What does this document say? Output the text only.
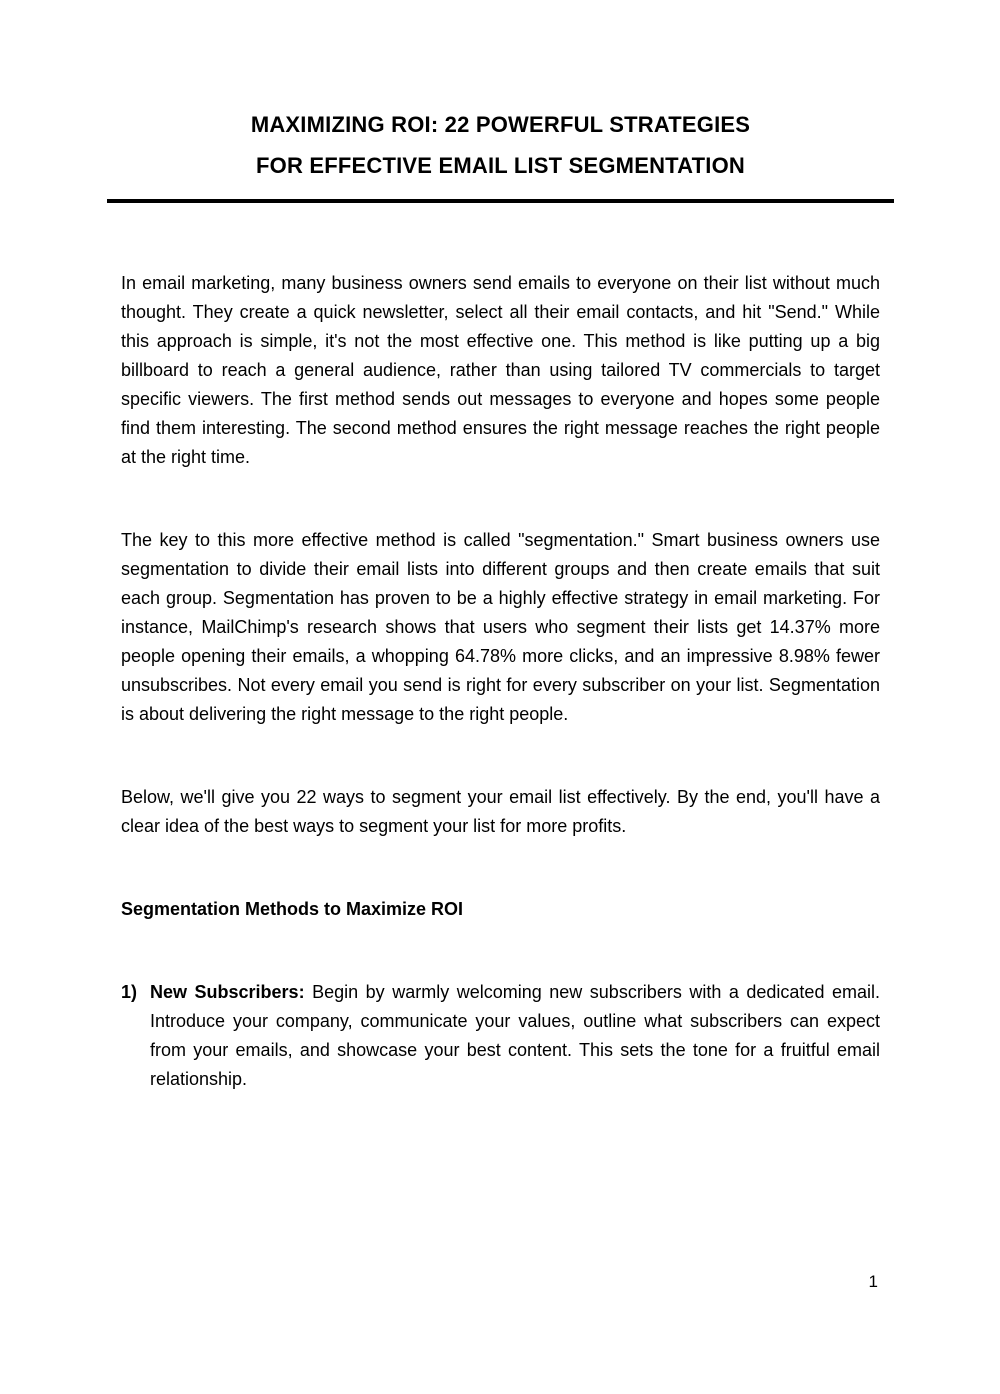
MAXIMIZING ROI: 22 POWERFUL STRATEGIES
FOR EFFECTIVE EMAIL LIST SEGMENTATION

In email marketing, many business owners send emails to everyone on their list without much thought. They create a quick newsletter, select all their email contacts, and hit "Send." While this approach is simple, it's not the most effective one. This method is like putting up a big billboard to reach a general audience, rather than using tailored TV commercials to target specific viewers. The first method sends out messages to everyone and hopes some people find them interesting. The second method ensures the right message reaches the right people at the right time.

The key to this more effective method is called "segmentation." Smart business owners use segmentation to divide their email lists into different groups and then create emails that suit each group. Segmentation has proven to be a highly effective strategy in email marketing. For instance, MailChimp's research shows that users who segment their lists get 14.37% more people opening their emails, a whopping 64.78% more clicks, and an impressive 8.98% fewer unsubscribes. Not every email you send is right for every subscriber on your list. Segmentation is about delivering the right message to the right people.

Below, we'll give you 22 ways to segment your email list effectively. By the end, you'll have a clear idea of the best ways to segment your list for more profits.

Segmentation Methods to Maximize ROI
1) New Subscribers: Begin by warmly welcoming new subscribers with a dedicated email. Introduce your company, communicate your values, outline what subscribers can expect from your emails, and showcase your best content. This sets the tone for a fruitful email relationship.
1
